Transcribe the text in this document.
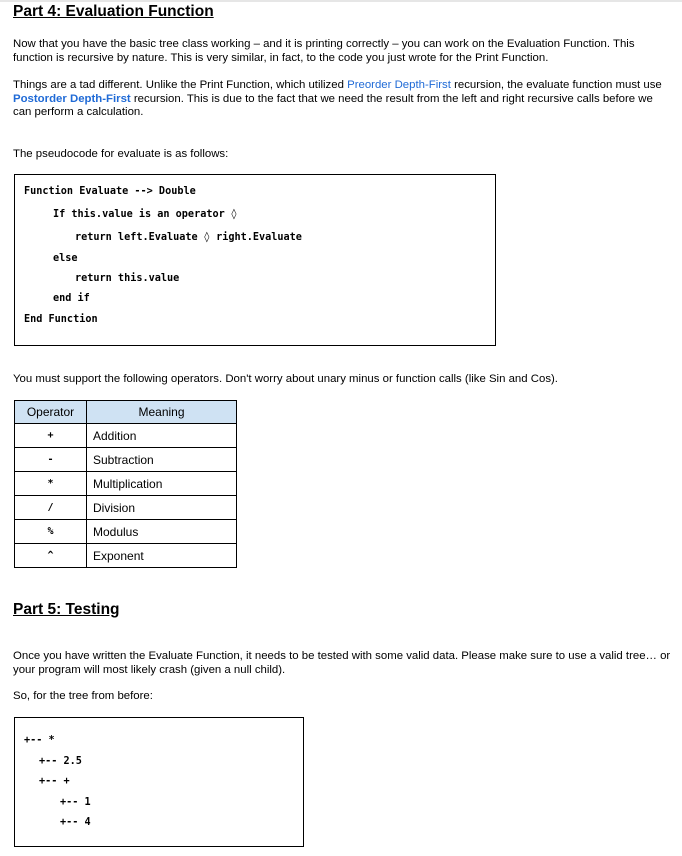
Part 4: Evaluation Function

Now that you have the basic tree class working – and it is printing correctly – you can work on the Evaluation Function. This function is recursive by nature. This is very similar, in fact, to the code you just wrote for the Print Function.

Things are a tad different. Unlike the Print Function, which utilized Preorder Depth-First recursion, the evaluate function must use Postorder Depth-First recursion. This is due to the fact that we need the result from the left and right recursive calls before we can perform a calculation.

The pseudocode for evaluate is as follows:

Function Evaluate --> Double
If this.value is an operator ◊
return left.Evaluate ◊ right.Evaluate
else
return this.value
end if
End Function

You must support the following operators. Don't worry about unary minus or function calls (like Sin and Cos).

Operator	Meaning
+	Addition
-	Subtraction
*	Multiplication
/	Division
%	Modulus
^	Exponent
Part 5: Testing

Once you have written the Evaluate Function, it needs to be tested with some valid data. Please make sure to use a valid tree… or your program will most likely crash (given a null child).

So, for the tree from before:

+-- *
+-- 2.5
+-- +
+-- 1
+-- 4
